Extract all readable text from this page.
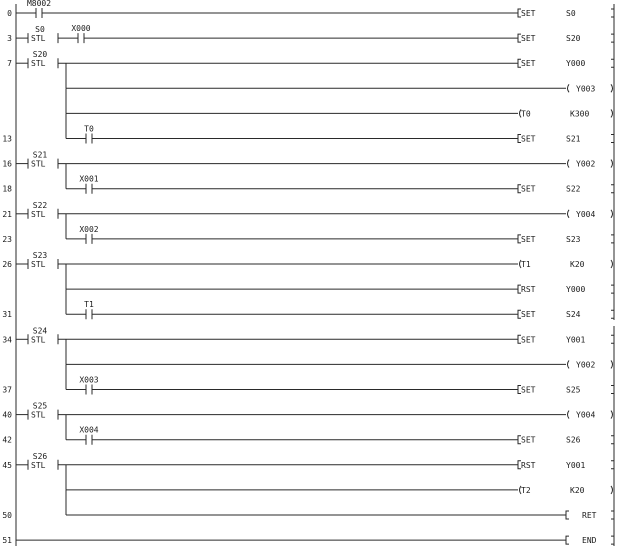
0
M8002
SET	S0
3 STL
S0	X000
SET	S20
7 STL
S20
SET	Y000
Y003
T0	K300
13
T0
SET	S21
16 STL
S21
Y002
18
X001
SET	S22
21 STL
S22
Y004
23
X002
SET	S23
26 STL
S23
T1	K20
RST	Y000
31
T1
SET	S24
34 STL
S24
SET	Y001
Y002
37
X003
SET	S25
40 STL
S25
Y004
42
X004
SET	S26
45 STL
S26
RST	Y001
T2	K20
50	RET
51	END
